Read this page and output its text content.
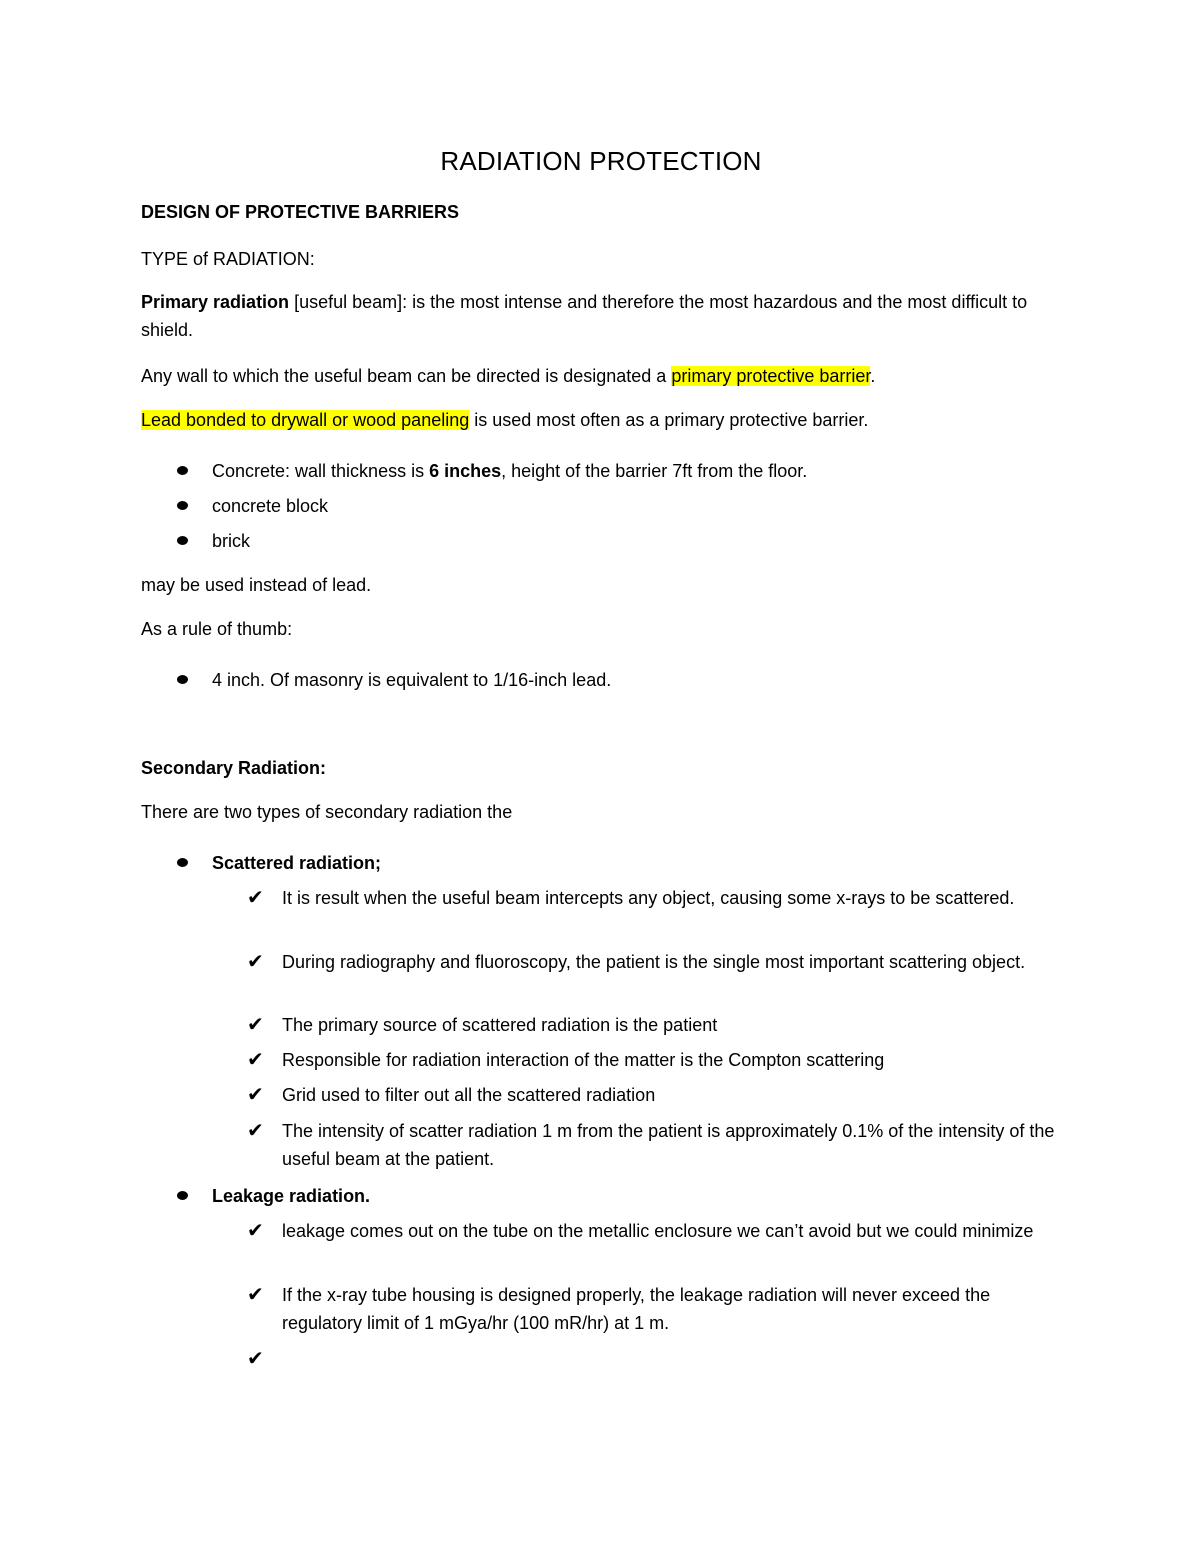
RADIATION PROTECTION
DESIGN OF PROTECTIVE BARRIERS
TYPE of RADIATION:
Primary radiation [useful beam]: is the most intense and therefore the most hazardous and the most difficult to shield.
Any wall to which the useful beam can be directed is designated a primary protective barrier.
Lead bonded to drywall or wood paneling is used most often as a primary protective barrier.
Concrete: wall thickness is 6 inches, height of the barrier 7ft from the floor.
concrete block
brick
may be used instead of lead.
As a rule of thumb:
4 inch. Of masonry is equivalent to 1/16-inch lead.
Secondary Radiation:
There are two types of secondary radiation the
Scattered radiation;
✔ It is result when the useful beam intercepts any object, causing some x-rays to be scattered.
✔ During radiography and fluoroscopy, the patient is the single most important scattering object.
✔ The primary source of scattered radiation is the patient
✔ Responsible for radiation interaction of the matter is the Compton scattering
✔ Grid used to filter out all the scattered radiation
✔ The intensity of scatter radiation 1 m from the patient is approximately 0.1% of the intensity of the useful beam at the patient.
Leakage radiation.
✔ leakage comes out on the tube on the metallic enclosure we can’t avoid but we could minimize
✔ If the x-ray tube housing is designed properly, the leakage radiation will never exceed the regulatory limit of 1 mGya/hr (100 mR/hr) at 1 m.
✔
